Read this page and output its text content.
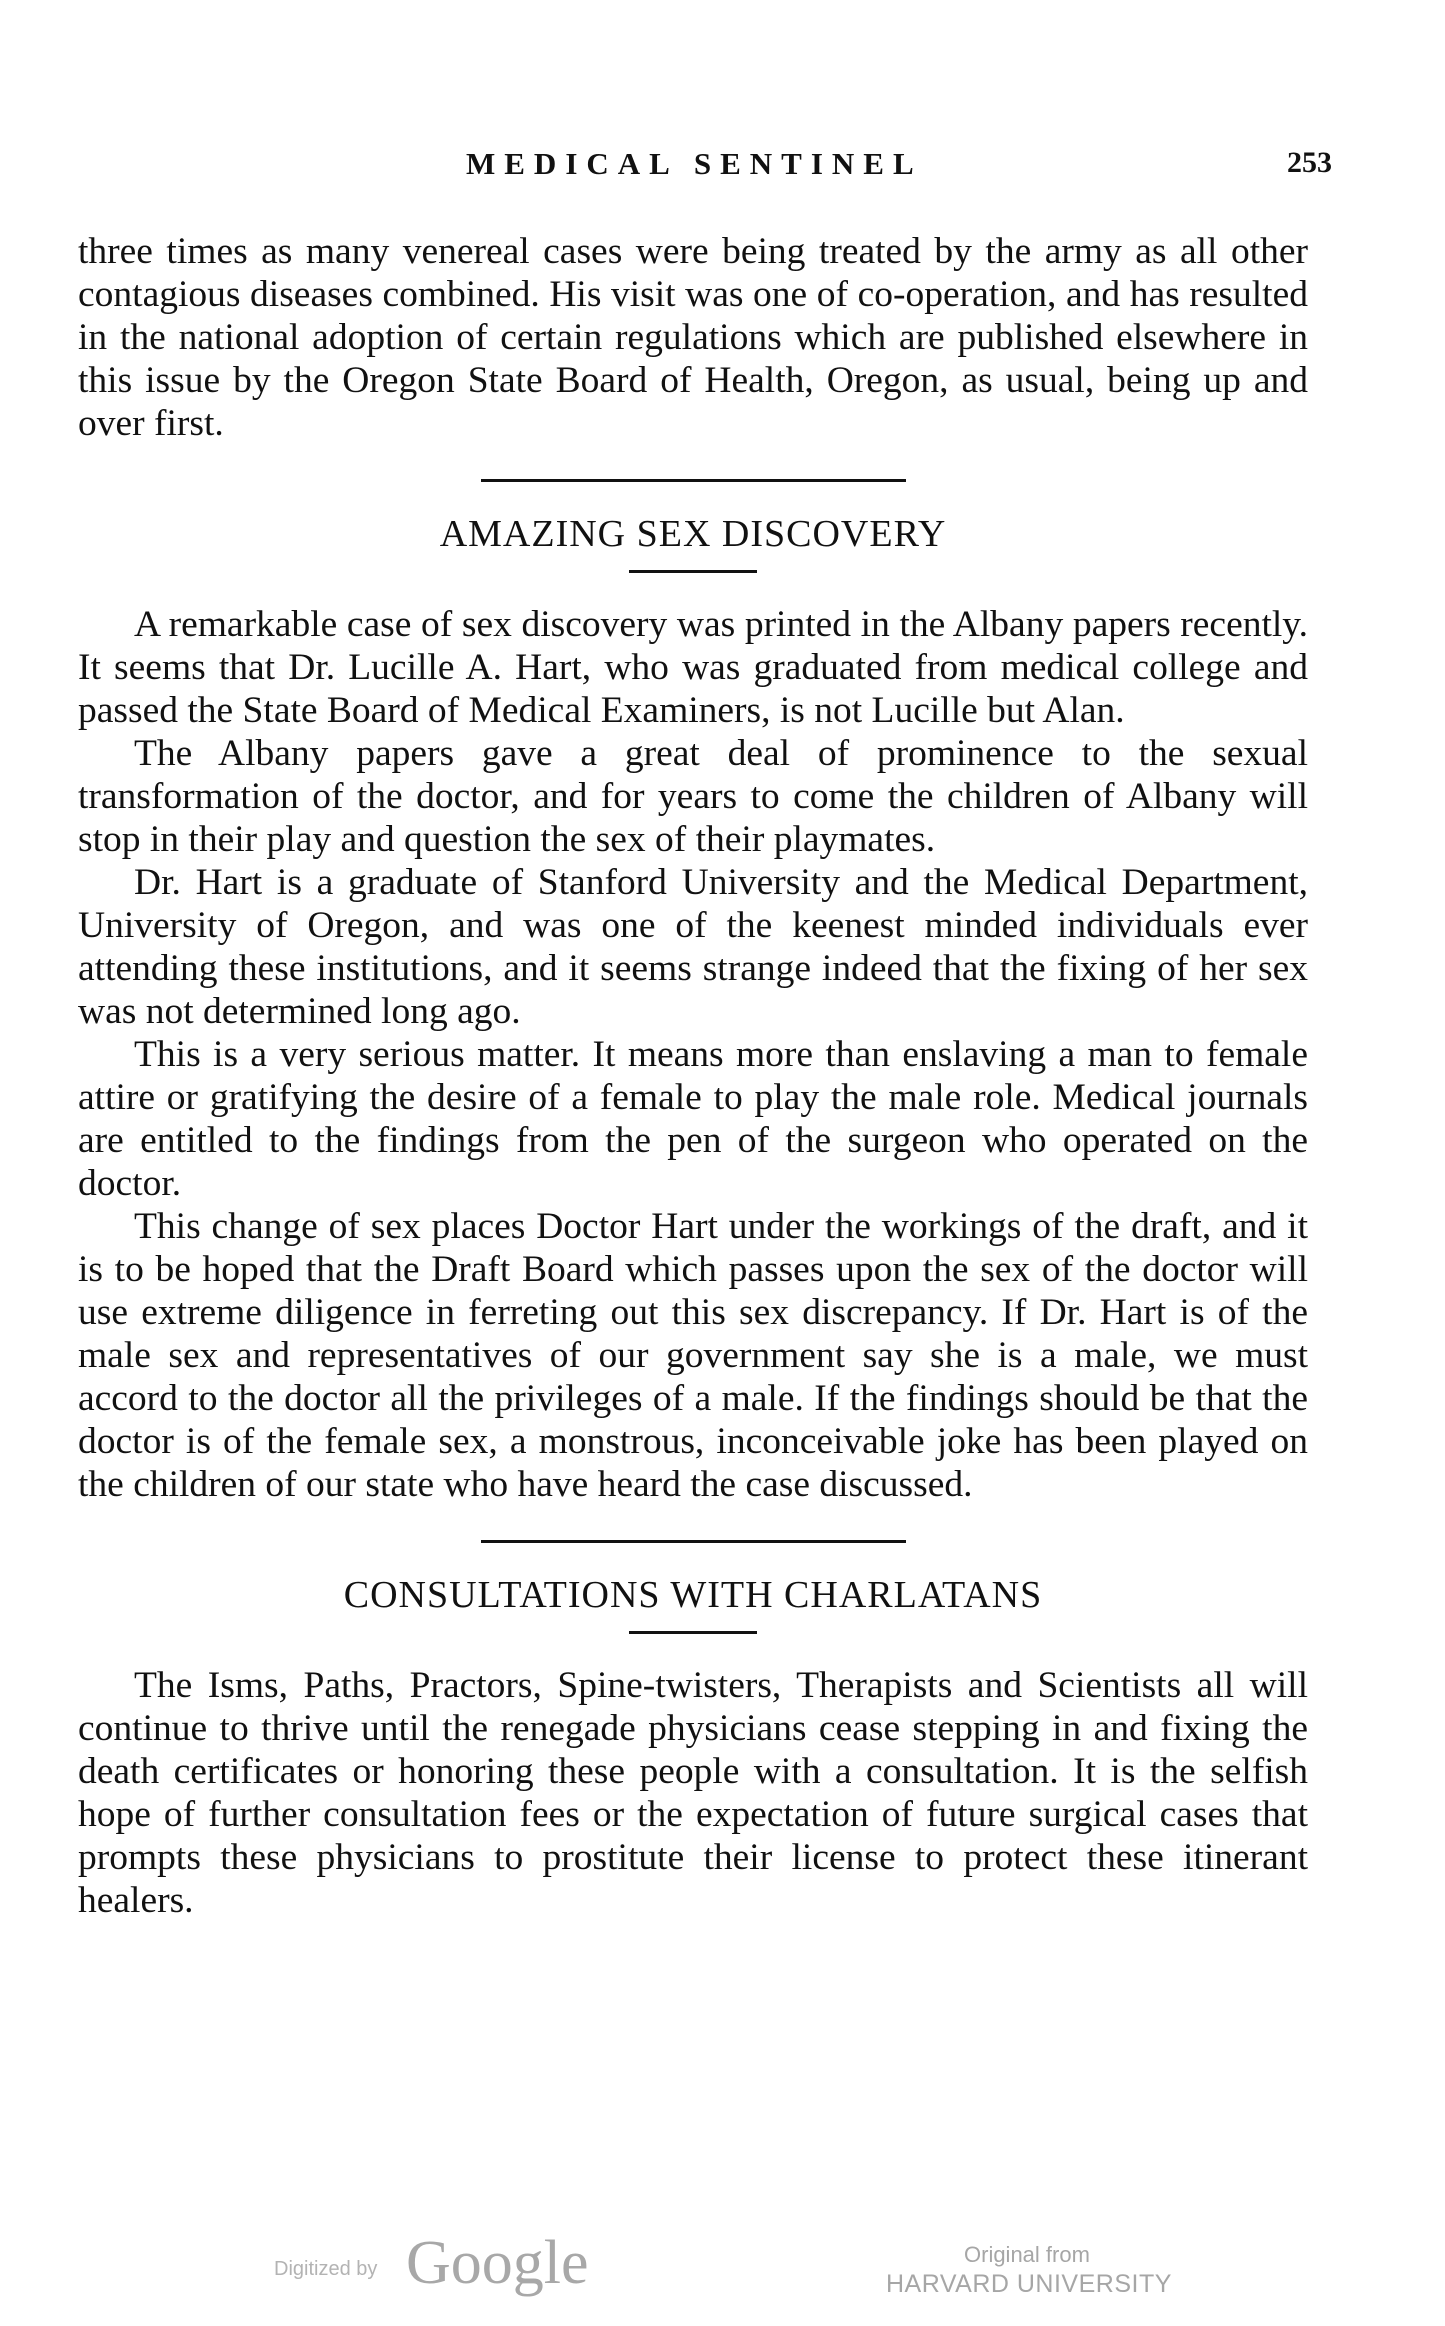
MEDICAL SENTINEL	253

three times as many venereal cases were being treated by the army as all other contagious diseases combined. His visit was one of co-operation, and has resulted in the national adoption of certain regulations which are published elsewhere in this issue by the Oregon State Board of Health, Oregon, as usual, being up and over first.

AMAZING SEX DISCOVERY

A remarkable case of sex discovery was printed in the Albany papers recently. It seems that Dr. Lucille A. Hart, who was graduated from medical college and passed the State Board of Medical Examiners, is not Lucille but Alan.

The Albany papers gave a great deal of prominence to the sexual transformation of the doctor, and for years to come the children of Albany will stop in their play and question the sex of their playmates.

Dr. Hart is a graduate of Stanford University and the Medical Department, University of Oregon, and was one of the keenest minded individuals ever attending these institutions, and it seems strange indeed that the fixing of her sex was not determined long ago.

This is a very serious matter. It means more than enslaving a man to female attire or gratifying the desire of a female to play the male role. Medical journals are entitled to the findings from the pen of the surgeon who operated on the doctor.

This change of sex places Doctor Hart under the workings of the draft, and it is to be hoped that the Draft Board which passes upon the sex of the doctor will use extreme diligence in ferreting out this sex discrepancy. If Dr. Hart is of the male sex and representatives of our government say she is a male, we must accord to the doctor all the privileges of a male. If the findings should be that the doctor is of the female sex, a monstrous, inconceivable joke has been played on the children of our state who have heard the case discussed.

CONSULTATIONS WITH CHARLATANS

The Isms, Paths, Practors, Spine-twisters, Therapists and Scientists all will continue to thrive until the renegade physicians cease stepping in and fixing the death certificates or honoring these people with a consultation. It is the selfish hope of further consultation fees or the expectation of future surgical cases that prompts these physicians to prostitute their license to protect these itinerant healers.

Digitized by Google	Original from
HARVARD UNIVERSITY
